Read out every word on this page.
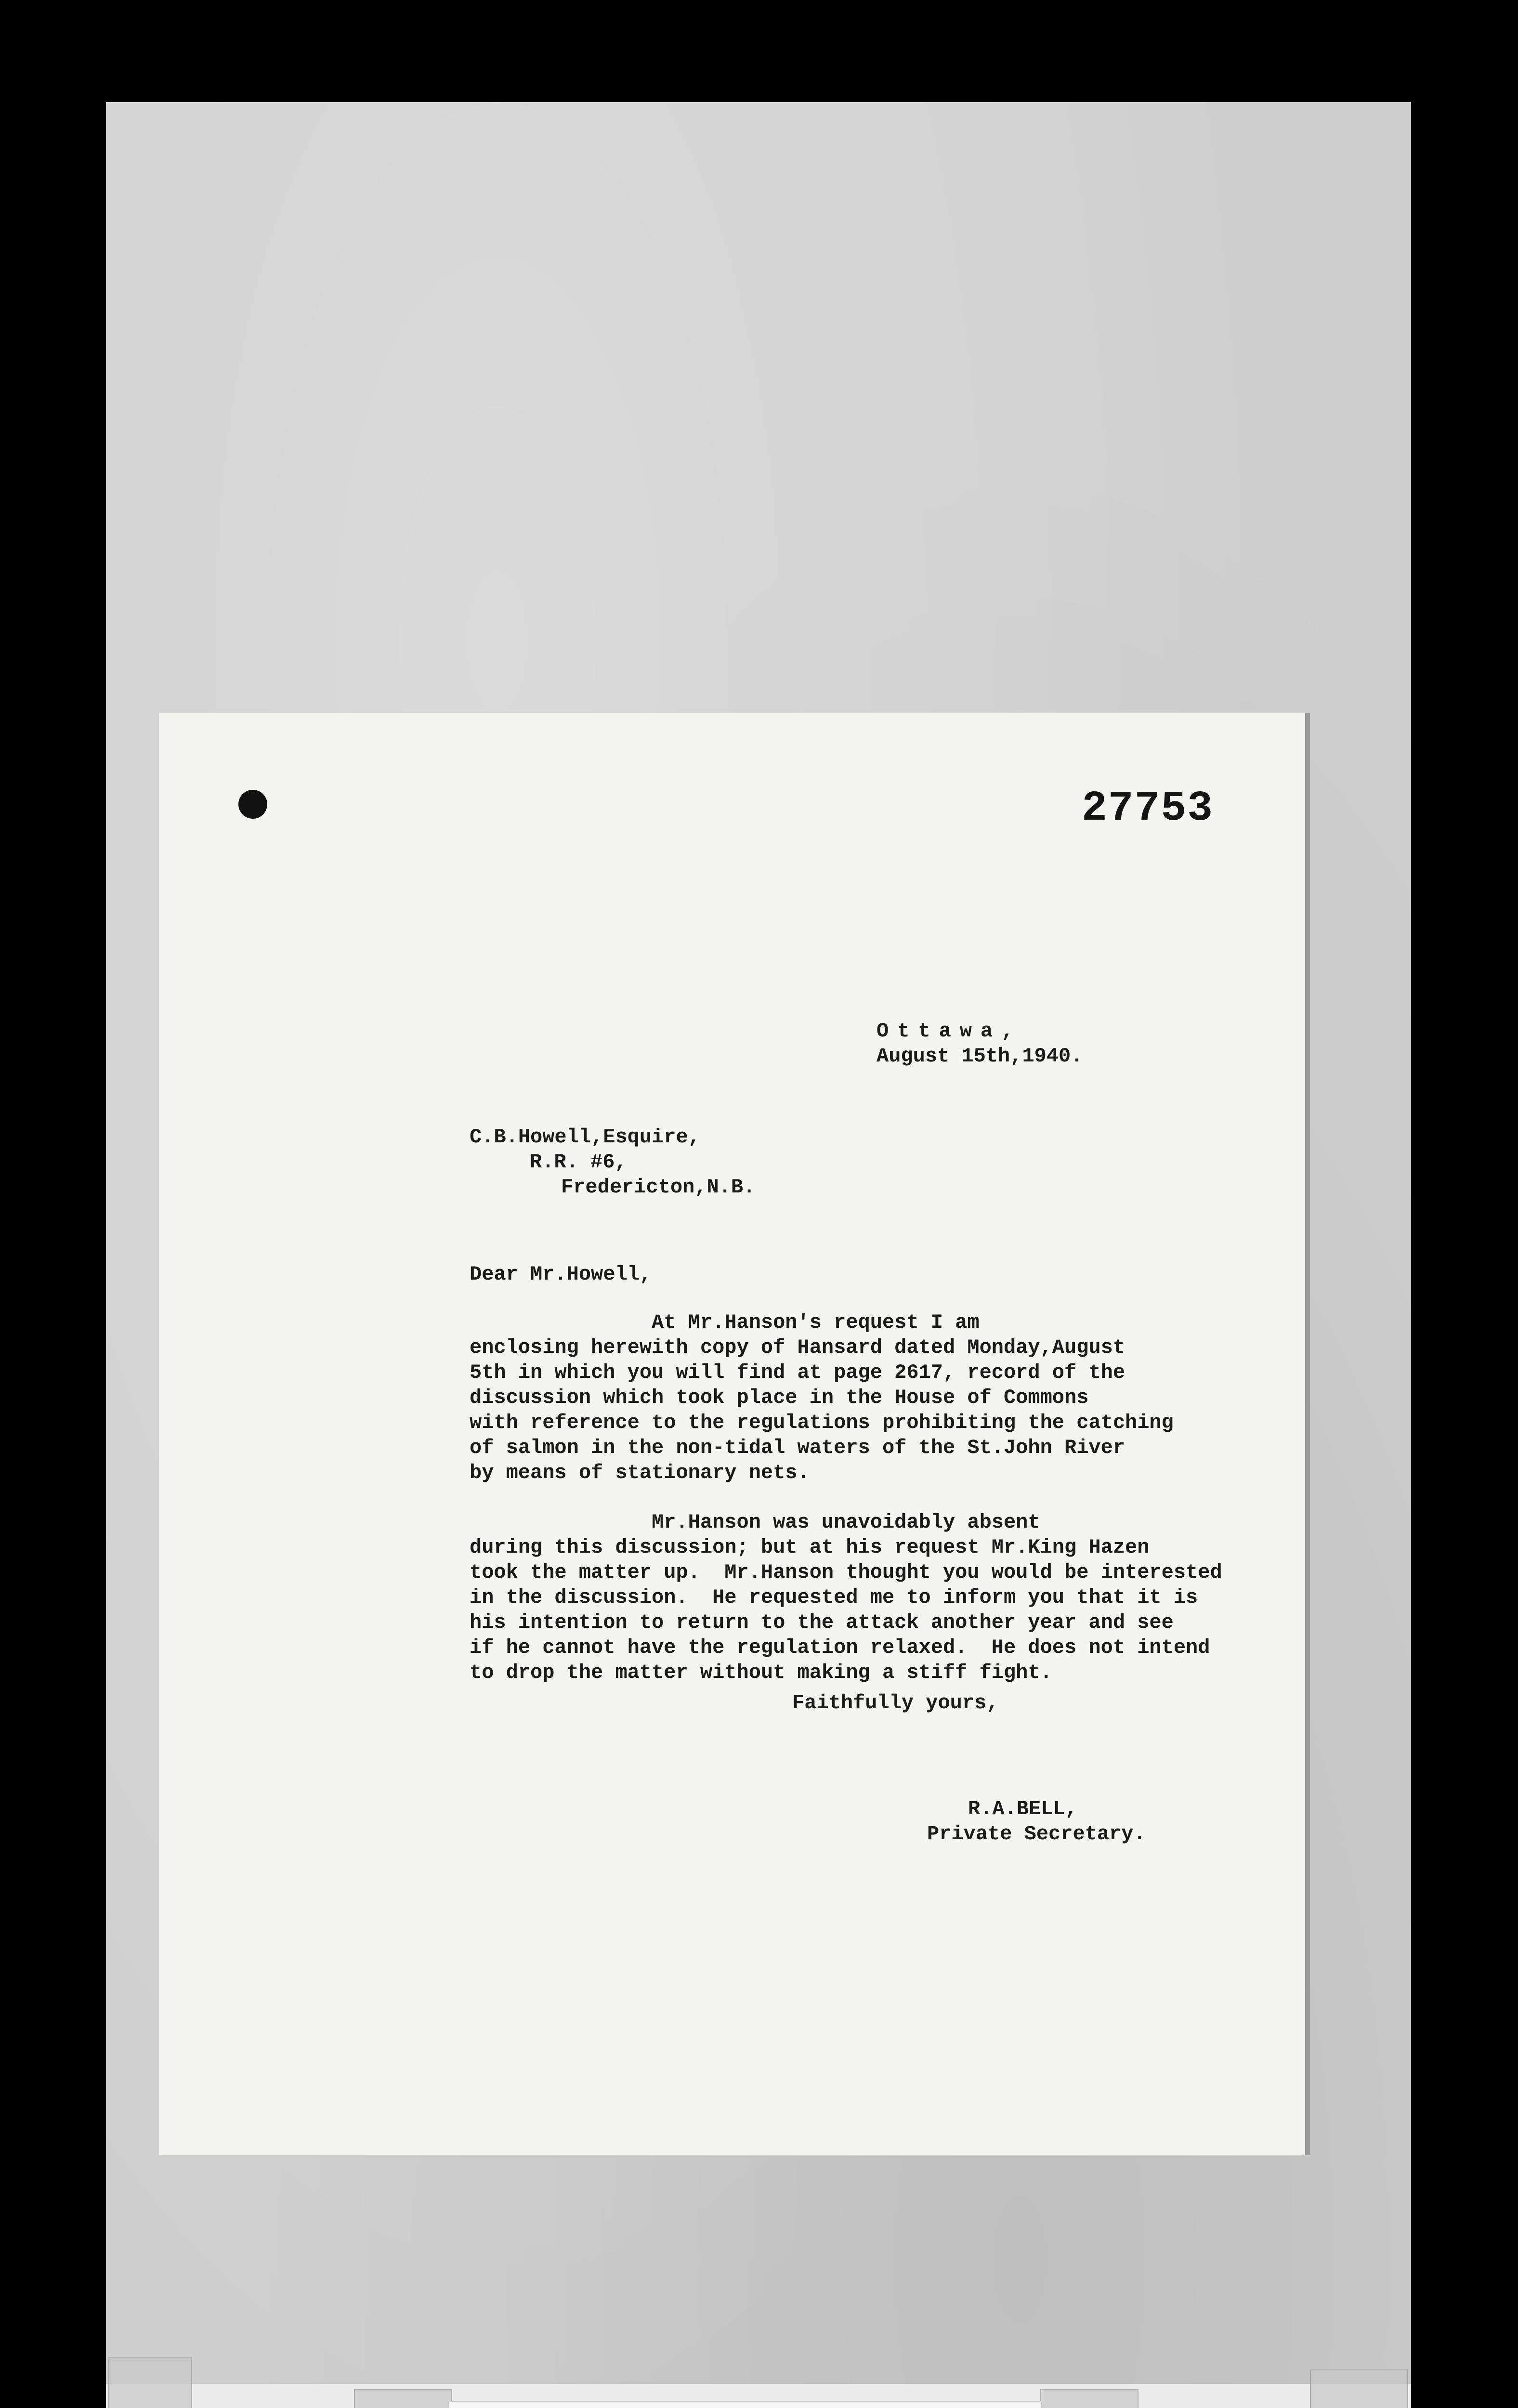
27753
Ottawa,
August 15th,1940.
C.B.Howell,Esquire,
R.R. #6,
Fredericton,N.B.
Dear Mr.Howell,
At Mr.Hanson's request I am
enclosing herewith copy of Hansard dated Monday,August
5th in which you will find at page 2617, record of the
discussion which took place in the House of Commons
with reference to the regulations prohibiting the catching
of salmon in the non-tidal waters of the St.John River
by means of stationary nets.
Mr.Hanson was unavoidably absent
during this discussion; but at his request Mr.King Hazen
took the matter up.  Mr.Hanson thought you would be interested
in the discussion.  He requested me to inform you that it is
his intention to return to the attack another year and see
if he cannot have the regulation relaxed.  He does not intend
to drop the matter without making a stiff fight.
Faithfully yours,
R.A.BELL,
Private Secretary.
